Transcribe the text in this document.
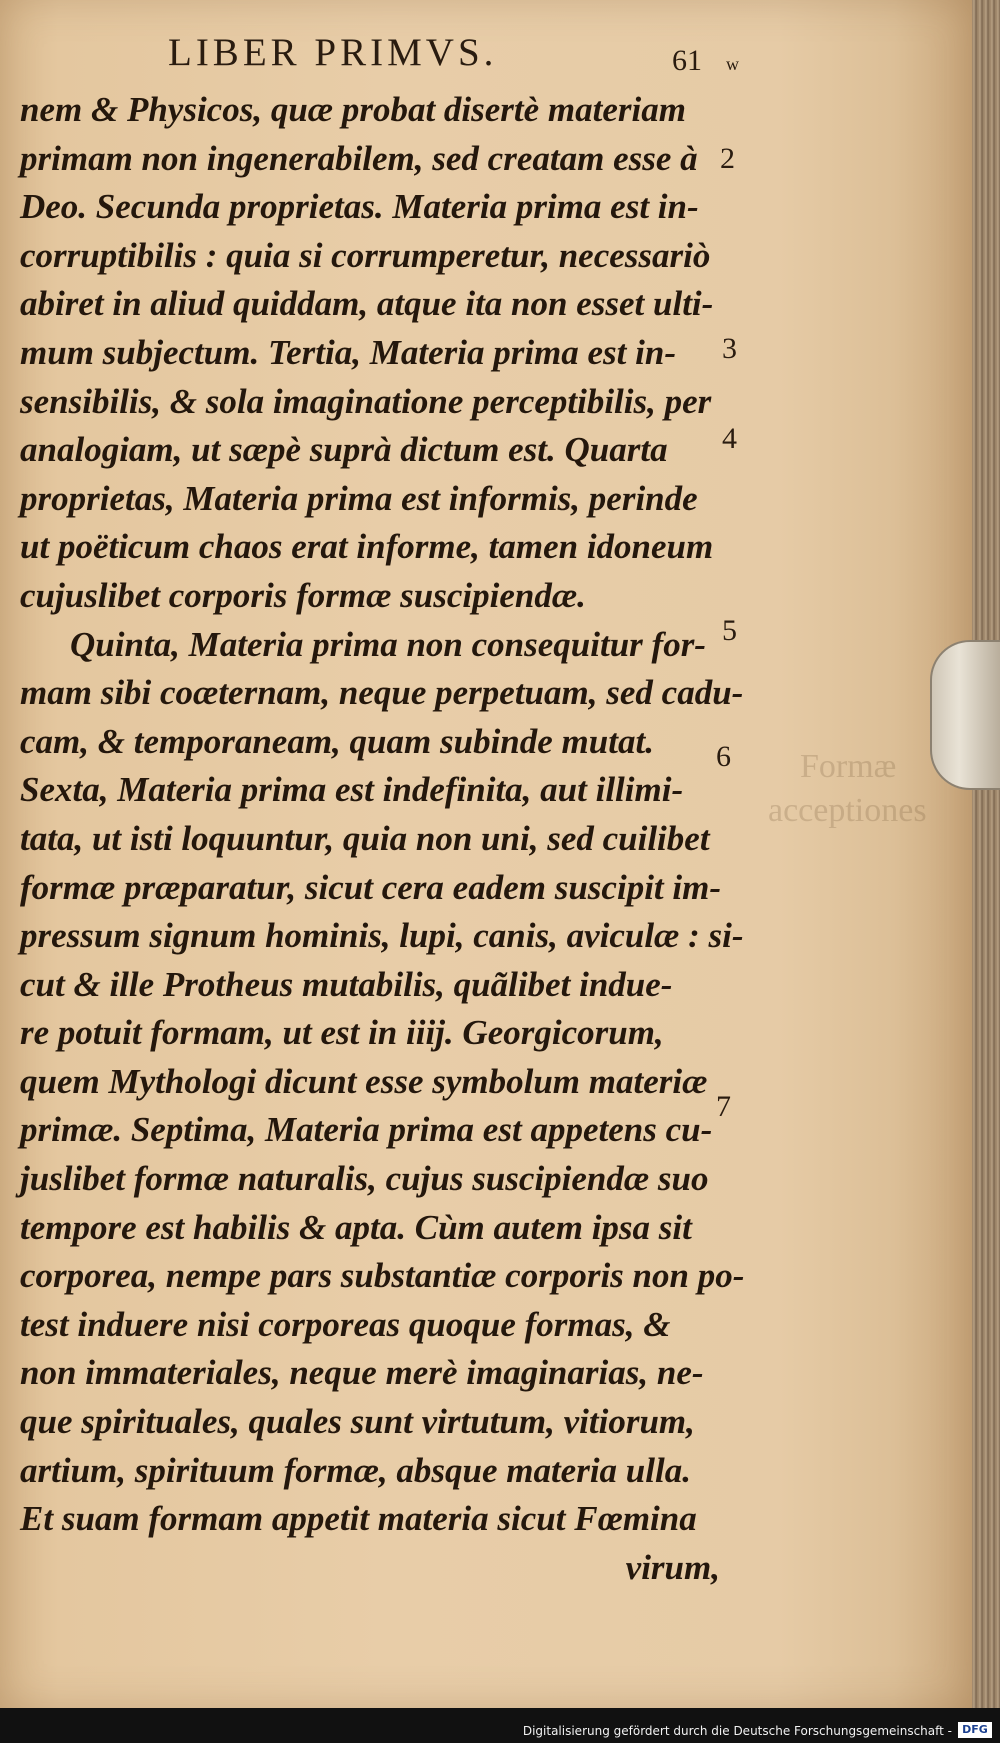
Formæ
acceptiones
LIBER PRIMVS.	61 w
nem & Physicos, quæ probat disertè materiam
primam non ingenerabilem, sed creatam esse à
Deo. Secunda proprietas. Materia prima est in-
corruptibilis : quia si corrumperetur, necessariò
abiret in aliud quiddam, atque ita non esset ulti-
mum subjectum. Tertia, Materia prima est in-
sensibilis, & sola imaginatione perceptibilis, per
analogiam, ut sæpè suprà dictum est. Quarta
proprietas, Materia prima est informis, perinde
ut poëticum chaos erat informe, tamen idoneum
cujuslibet corporis formæ suscipiendæ.
Quinta, Materia prima non consequitur for-
mam sibi coæternam, neque perpetuam, sed cadu-
cam, & temporaneam, quam subinde mutat.
Sexta, Materia prima est indefinita, aut illimi-
tata, ut isti loquuntur, quia non uni, sed cuilibet
formæ præparatur, sicut cera eadem suscipit im-
pressum signum hominis, lupi, canis, aviculæ : si-
cut & ille Protheus mutabilis, quãlibet indue-
re potuit formam, ut est in iiij. Georgicorum,
quem Mythologi dicunt esse symbolum materiæ
primæ. Septima, Materia prima est appetens cu-
juslibet formæ naturalis, cujus suscipiendæ suo
tempore est habilis & apta. Cùm autem ipsa sit
corporea, nempe pars substantiæ corporis non po-
test induere nisi corporeas quoque formas, &
non immateriales, neque merè imaginarias, ne-
que spirituales, quales sunt virtutum, vitiorum,
artium, spirituum formæ, absque materia ulla.
Et suam formam appetit materia sicut Fœmina
virum,
2
3
4
5
6
7
Digitalisierung gefördert durch die Deutsche Forschungsgemeinschaft - DFG
